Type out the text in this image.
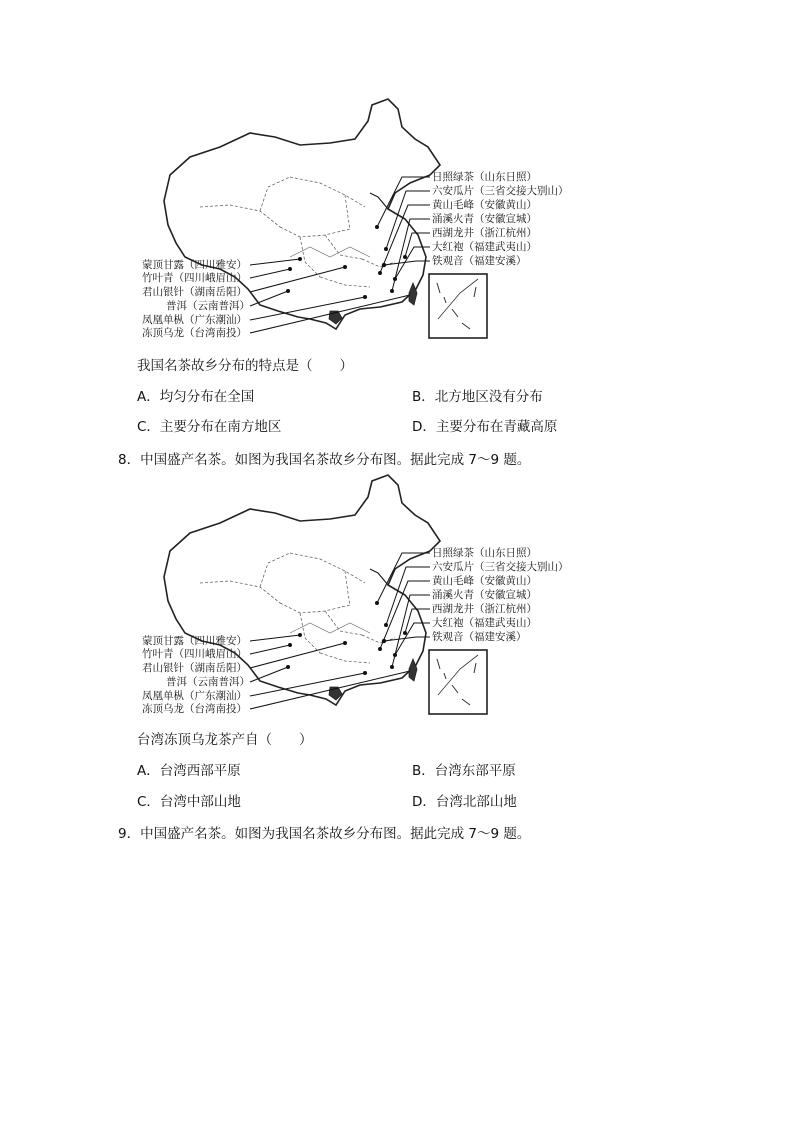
日照绿茶（山东日照）
六安瓜片（三省交接大别山）
黄山毛峰（安徽黄山）
涌溪火青（安徽宣城）
西湖龙井（浙江杭州）
大红袍（福建武夷山）
铁观音（福建安溪）
蒙顶甘露（四川雅安）
竹叶青（四川峨眉山）
君山银针（湖南岳阳）
普洱（云南普洱）
凤凰单枞（广东潮汕）
冻顶乌龙（台湾南投）
我国名茶故乡分布的特点是（　　）
A．均匀分布在全国	B．北方地区没有分布
C．主要分布在南方地区	D．主要分布在青藏高原
8．中国盛产名茶。如图为我国名茶故乡分布图。据此完成 7～9 题。
日照绿茶（山东日照）
六安瓜片（三省交接大别山）
黄山毛峰（安徽黄山）
涌溪火青（安徽宣城）
西湖龙井（浙江杭州）
大红袍（福建武夷山）
铁观音（福建安溪）
蒙顶甘露（四川雅安）
竹叶青（四川峨眉山）
君山银针（湖南岳阳）
普洱（云南普洱）
凤凰单枞（广东潮汕）
冻顶乌龙（台湾南投）
台湾冻顶乌龙茶产自（　　）
A．台湾西部平原	B．台湾东部平原
C．台湾中部山地	D．台湾北部山地
9．中国盛产名茶。如图为我国名茶故乡分布图。据此完成 7～9 题。
